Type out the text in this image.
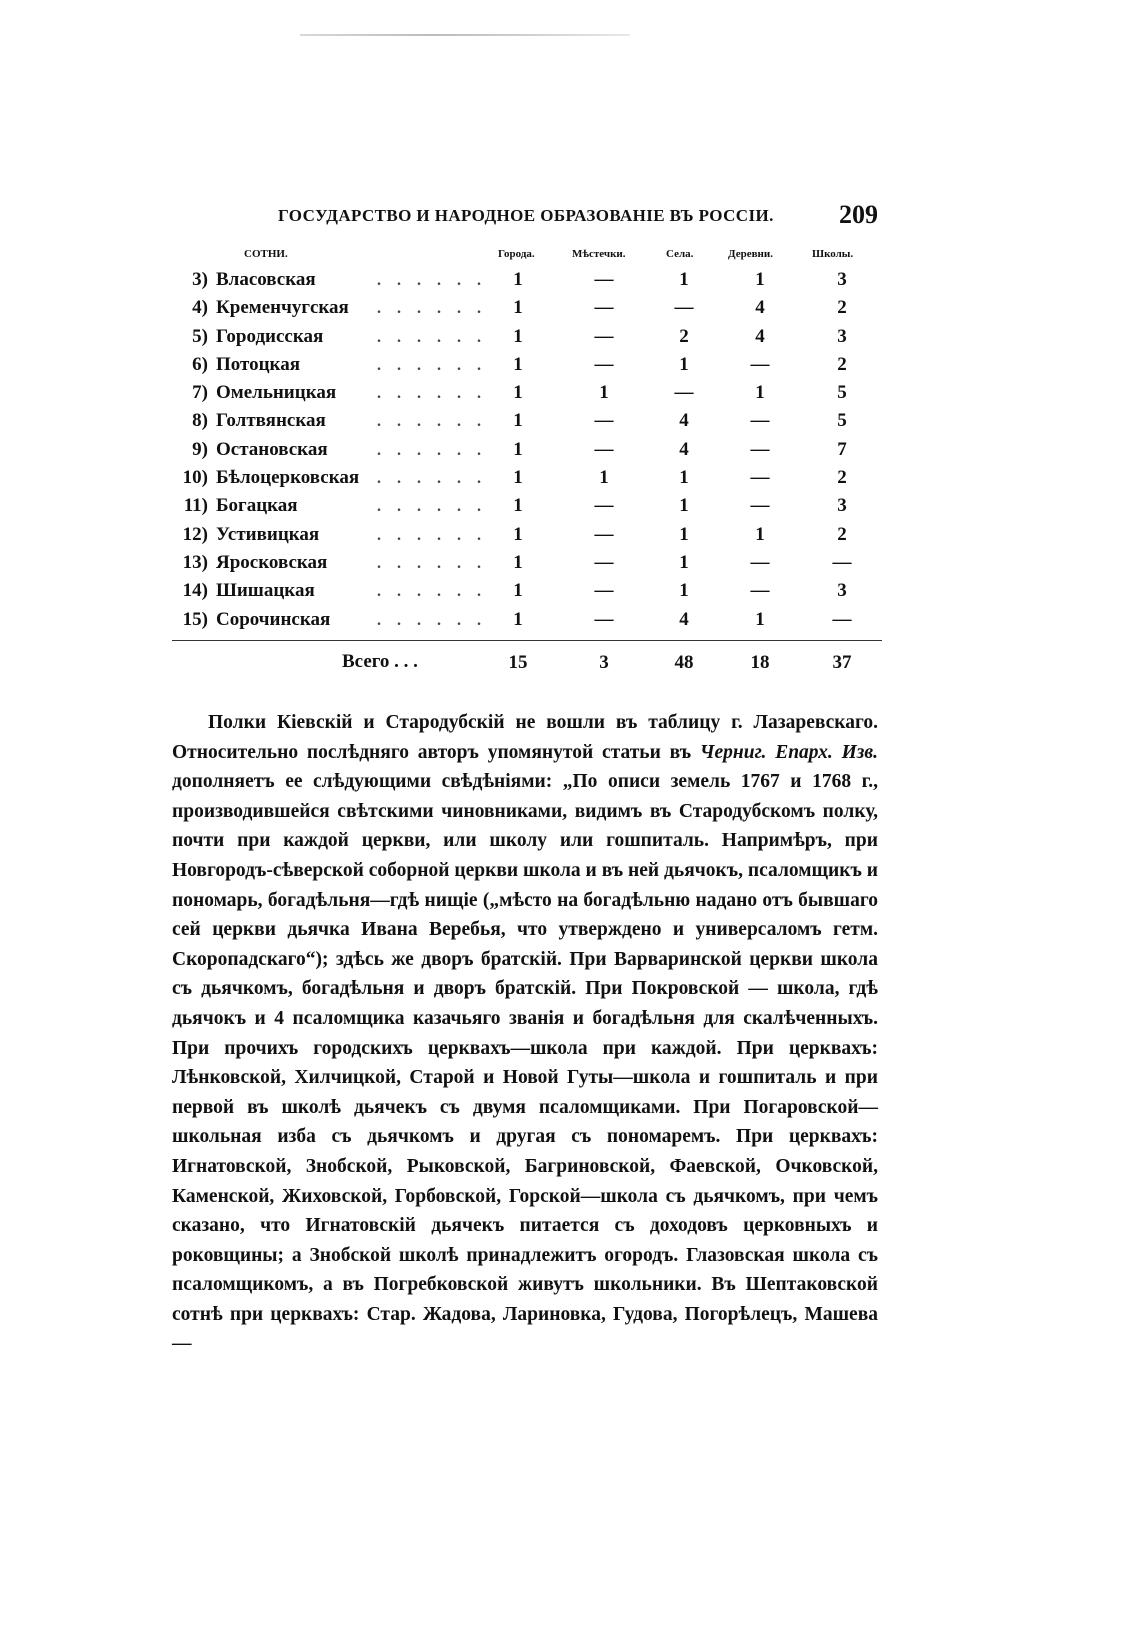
ГОСУДАРСТВО И НАРОДНОЕ ОБРАЗОВАНІЕ ВЪ РОССІИ.	209
СОТНИ.	Города.	Мѣстечки.	Села.	Деревни.	Школы.
3) Власовская	. . . . . .	1	—	1	1	3
4) Кременчугская . . . . . .	1	—	—	4	2
5) Городисская	. . . . . .	1	—	2	4	3
6) Потоцкая	. . . . . .	1	—	1	—	2
7) Омельницкая	. . . . . .	1	1	—	1	5
8) Голтвянская	. . . . . .	1	—	4	—	5
9) Остановская	. . . . . .	1	—	4	—	7
10) Бѣлоцерковская . . . . . .	1	1	1	—	2
11) Богацкая	. . . . . .	1	—	1	—	3
12) Устивицкая	. . . . . .	1	—	1	1	2
13) Яросковская	. . . . . .	1	—	1	—	—
14) Шишацкая	. . . . . .	1	—	1	—	3
15) Сорочинская	. . . . . .	1	—	4	1	—
Всего . . .	15	3	48	18	37

Полки Кіевскій и Стародубскій не вошли въ таблицу г. Лазаревскаго. Относительно послѣдняго авторъ упомянутой статьи въ Черниг. Епарх. Изв. дополняетъ ее слѣдующими свѣдѣніями: „По описи земель 1767 и 1768 г., производившейся свѣтскими чиновниками, видимъ въ Стародубскомъ полку, почти при каждой церкви, или школу или гошпиталь. Напримѣръ, при Новгородъ-сѣверской соборной церкви школа и въ ней дьячокъ, псаломщикъ и пономарь, богадѣльня—гдѣ нищіе („мѣсто на богадѣльню надано отъ бывшаго сей церкви дьячка Ивана Веребья, что утверждено и универсаломъ гетм. Скоропадскаго“); здѣсь же дворъ братскій. При Варваринской церкви школа съ дьячкомъ, богадѣльня и дворъ братскій. При Покровской — школа, гдѣ дьячокъ и 4 псаломщика казачьяго званія и богадѣльня для скалѣченныхъ. При прочихъ городскихъ церквахъ—школа при каждой. При церквахъ: Лѣнковской, Хилчицкой, Старой и Новой Гуты—школа и гошпиталь и при первой въ школѣ дьячекъ съ двумя псаломщиками. При Погаровской—школьная изба съ дьячкомъ и другая съ пономаремъ. При церквахъ: Игнатовской, Знобской, Рыковской, Багриновской, Фаевской, Очковской, Каменской, Жиховской, Горбовской, Горской—школа съ дьячкомъ, при чемъ сказано, что Игнатовскій дьячекъ питается съ доходовъ церковныхъ и роковщины; а Знобской школѣ принадлежитъ огородъ. Глазовская школа съ псаломщикомъ, а въ Погребковской живутъ школьники. Въ Шептаковской сотнѣ при церквахъ: Стар. Жадова, Лариновка, Гудова, Погорѣлецъ, Машева —
